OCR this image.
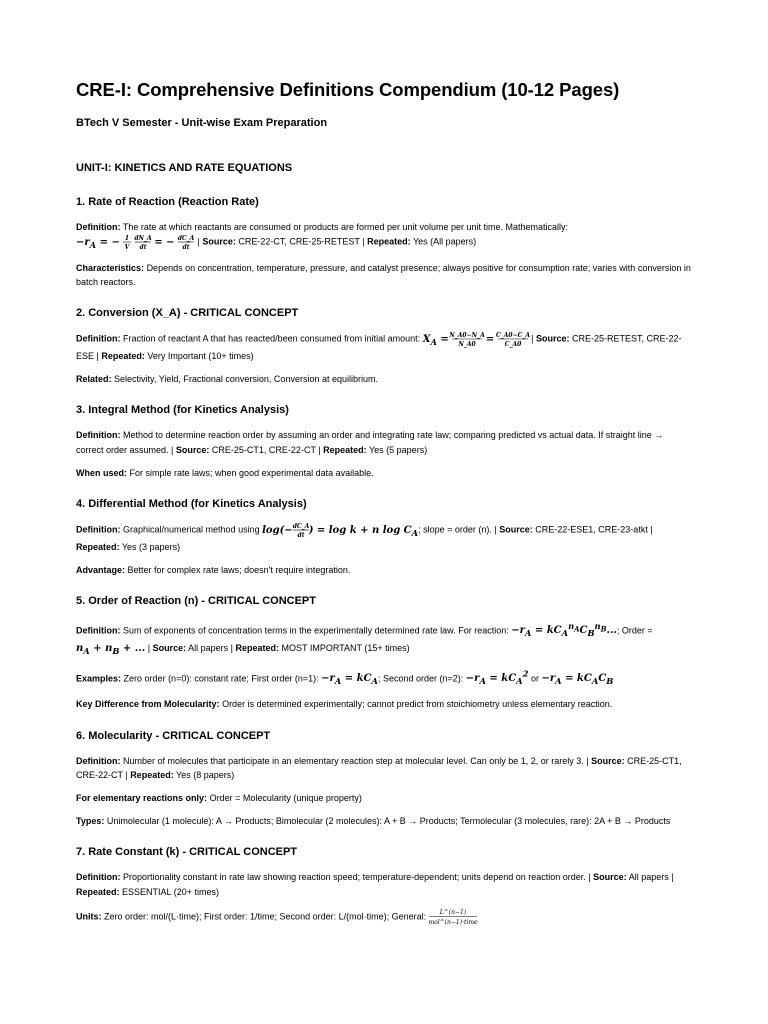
CRE-I: Comprehensive Definitions Compendium (10-12 Pages)
BTech V Semester - Unit-wise Exam Preparation
UNIT-I: KINETICS AND RATE EQUATIONS
1. Rate of Reaction (Reaction Rate)

Definition: The rate at which reactants are consumed or products are formed per unit volume per unit time. Mathematically:
$-r_A$ = − 1
V

dN_A
dt = − dC_A
dt
| Source: CRE-22-CT, CRE-25-RETEST | Repeated: Yes (All papers)

Characteristics: Depends on concentration, temperature, pressure, and catalyst presence; always positive for consumption rate; varies with conversion in batch reactors.

2. Conversion (X_A) - CRITICAL CONCEPT

Definition: Fraction of reactant A that has reacted/been consumed from initial amount: $X_A$ =
N_A0−N_A
N_A0 =
C_A0−C_A
C_A0
| Source: CRE-25-RETEST, CRE-22-ESE | Repeated: Very Important (10+ times)

Related: Selectivity, Yield, Fractional conversion, Conversion at equilibrium.

3. Integral Method (for Kinetics Analysis)

Definition: Method to determine reaction order by assuming an order and integrating rate law; comparing predicted vs actual data. If straight line → correct order assumed. | Source: CRE-25-CT1, CRE-22-CT | Repeated: Yes (5 papers)

When used: For simple rate laws; when good experimental data available.

4. Differential Method (for Kinetics Analysis)

Definition: Graphical/numerical method using log(− dC_A
dt ) = log k + n $\log C_A$; slope = order (n). | Source: CRE-22-ESE1, CRE-23-atkt | Repeated: Yes (3 papers)

Advantage: Better for complex rate laws; doesn't require integration.

5. Order of Reaction (n) - CRITICAL CONCEPT

Definition: Sum of exponents of concentration terms in the experimentally determined rate law. For reaction: $-r_A = kC_A^{n_A}C_B^{n_B}$...; Order = $n_A + n_B$ + ... | Source: All papers | Repeated: MOST IMPORTANT (15+ times)

Examples: Zero order (n=0): constant rate; First order (n=1): $-r_A = kC_A$; Second order (n=2): $-r_A = kC_A^2$ or $-r_A = kC_AC_B$

Key Difference from Molecularity: Order is determined experimentally; cannot predict from stoichiometry unless elementary reaction.

6. Molecularity - CRITICAL CONCEPT

Definition: Number of molecules that participate in an elementary reaction step at molecular level. Can only be 1, 2, or rarely 3. | Source: CRE-25-CT1, CRE-22-CT | Repeated: Yes (8 papers)

For elementary reactions only: Order = Molecularity (unique property)

Types: Unimolecular (1 molecule): A → Products; Bimolecular (2 molecules): A + B → Products; Termolecular (3 molecules, rare): 2A + B → Products

7. Rate Constant (k) - CRITICAL CONCEPT

Definition: Proportionality constant in rate law showing reaction speed; temperature-dependent; units depend on reaction order. | Source: All papers | Repeated: ESSENTIAL (20+ times)

Units: Zero order: mol/(L·time); First order: 1/time; Second order: L/(mol·time); General: L^(n−1)
mol^(n−1)·time
